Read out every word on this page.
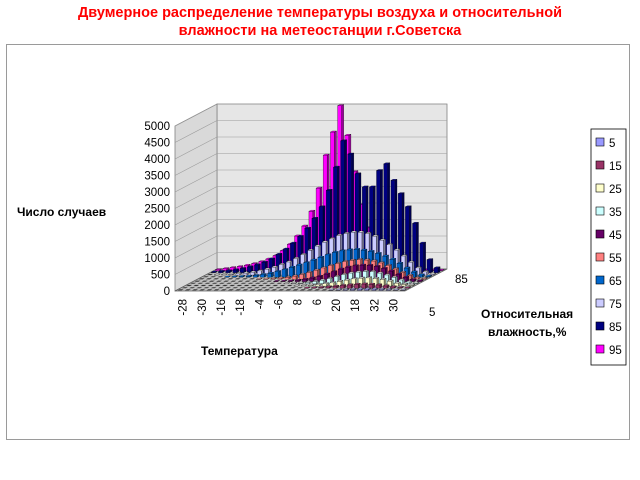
Двумерное распределение температуры воздуха и относительной
влажности на метеостанции г.Советска
0
500
1000
1500
2000
2500
3000
3500
4000
4500
5000
-28 -30 -16 -18 -4 -6 8 6 20 18 32 30
85
5
Число случаев
Температура
Относительная
влажность,%
5
15
25
35
45
55
65
75
85
95
